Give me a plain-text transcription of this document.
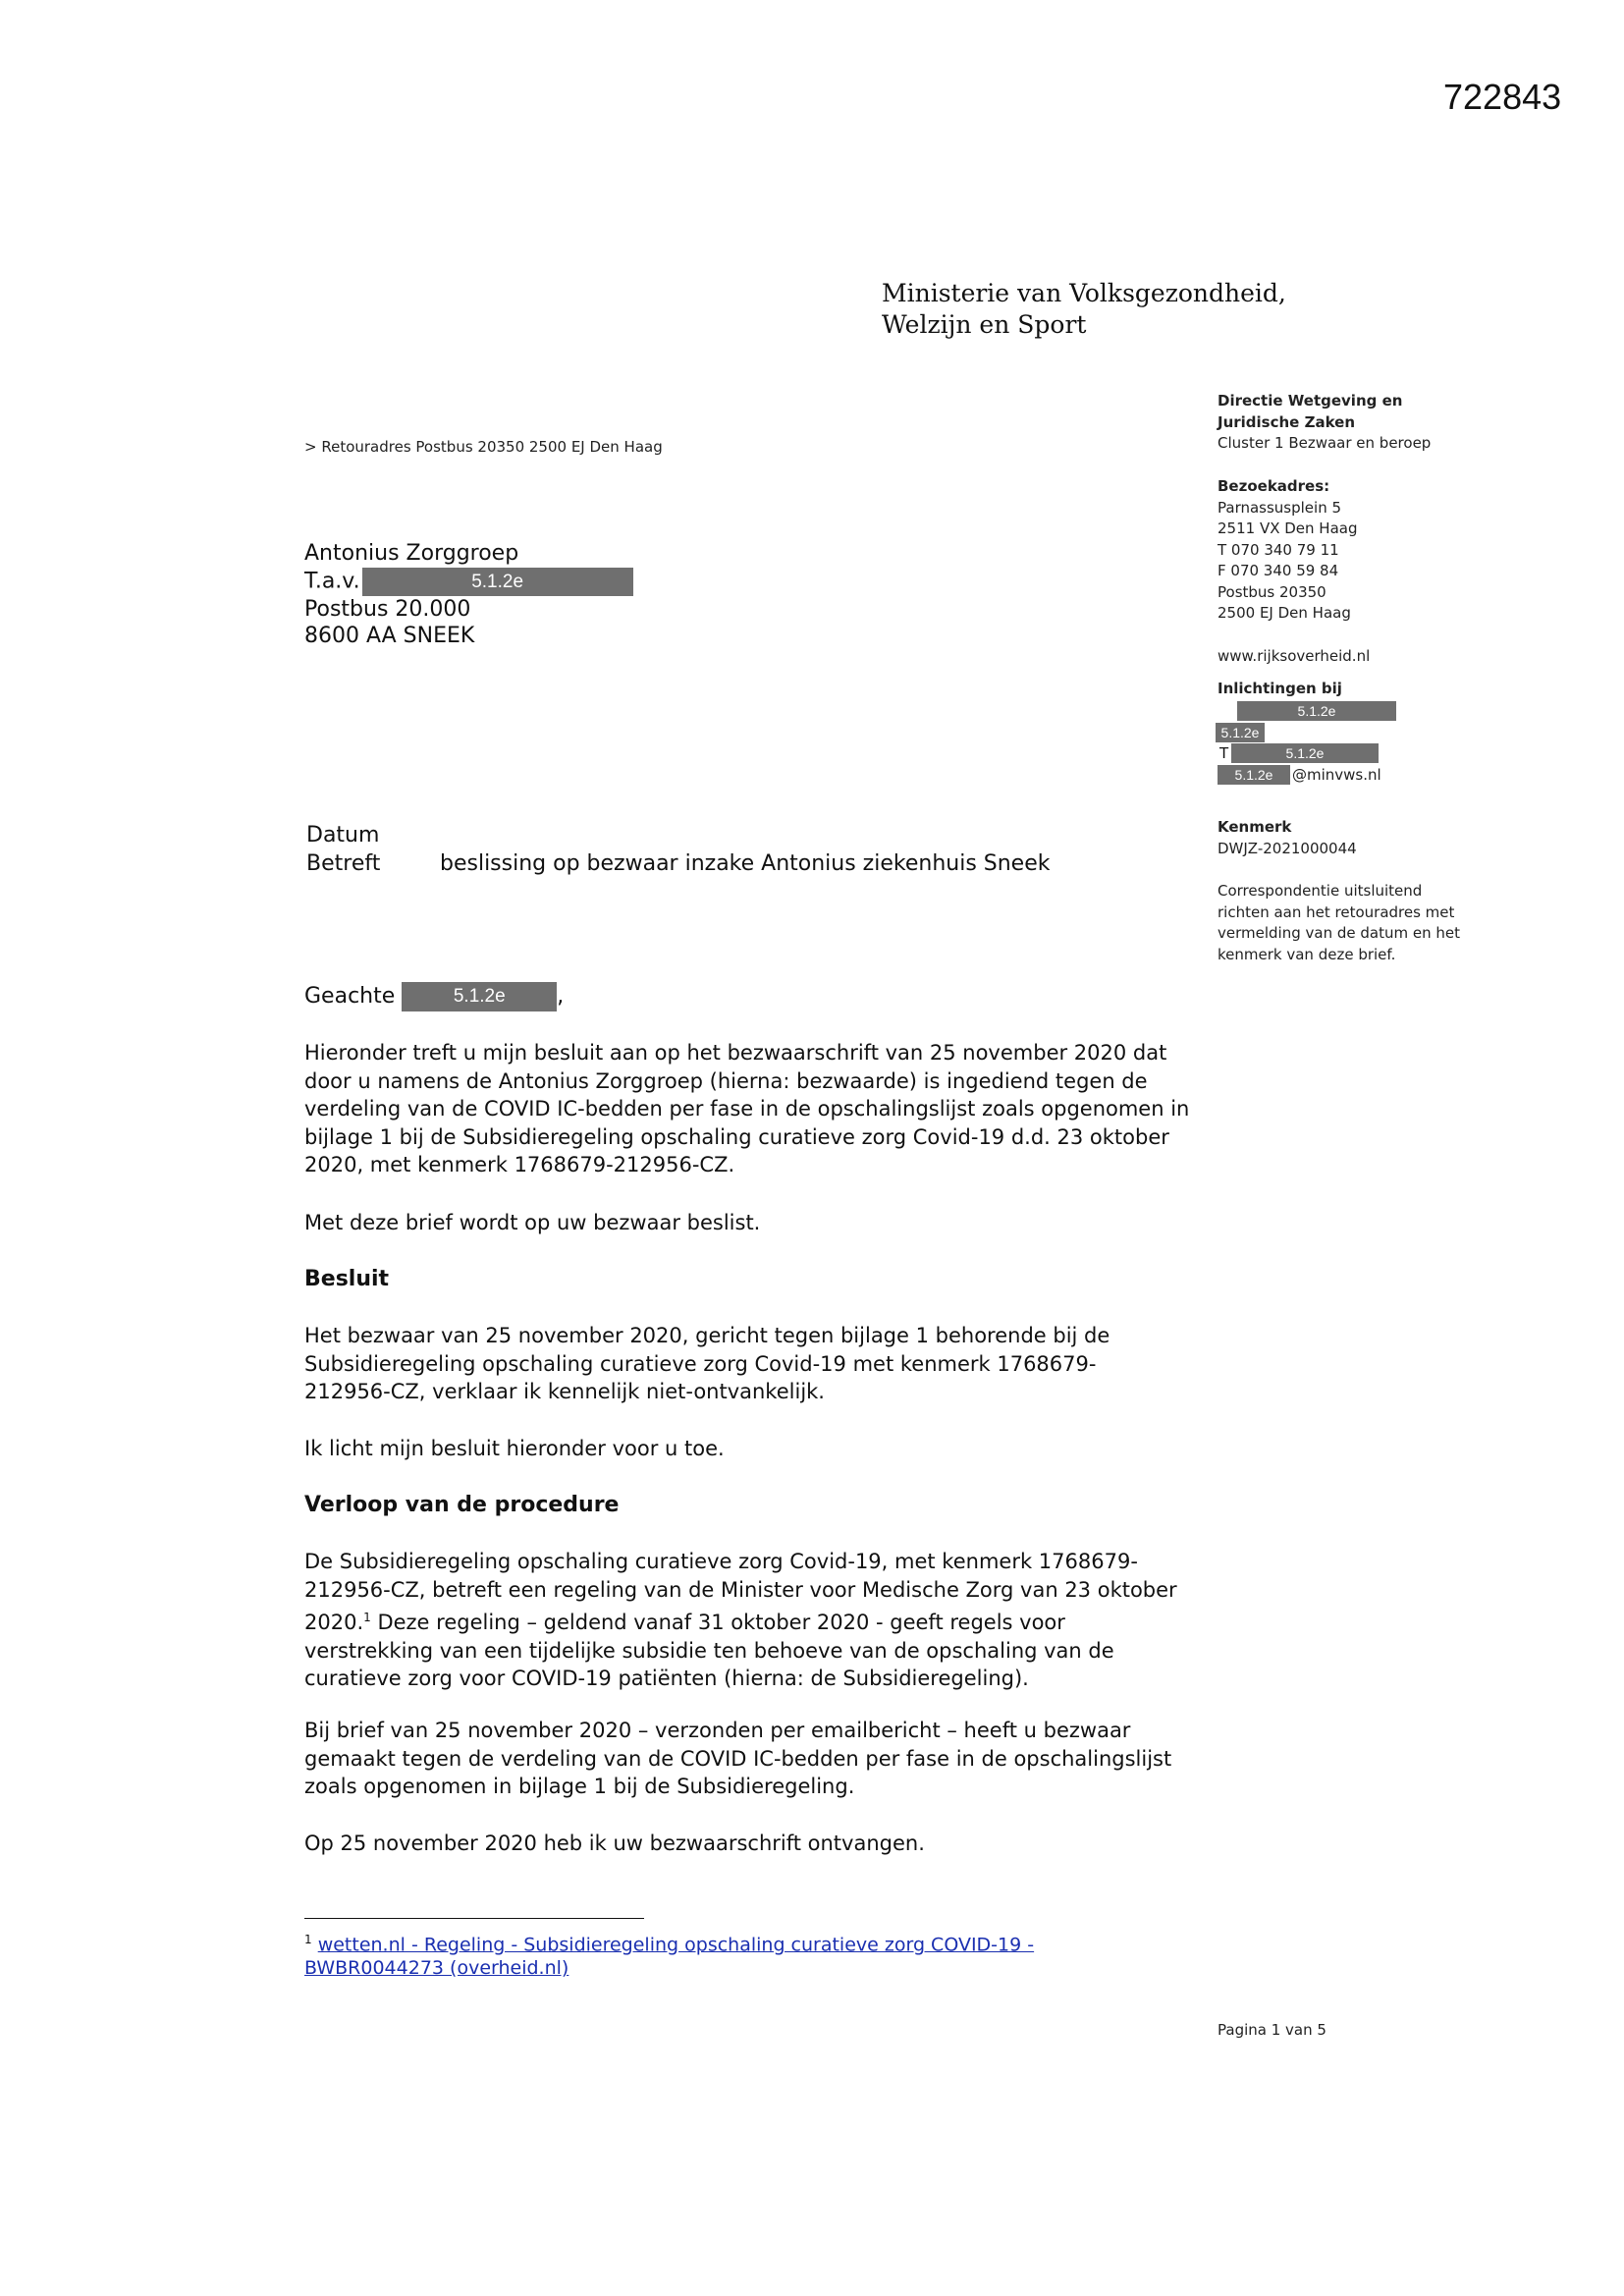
722843
Ministerie van Volksgezondheid,
Welzijn en Sport
> Retouradres Postbus 20350 2500 EJ Den Haag
Directie Wetgeving en
Juridische Zaken
Cluster 1 Bezwaar en beroep
Bezoekadres:
Parnassusplein 5
2511 VX Den Haag
T 070 340 79 11
F 070 340 59 84
Postbus 20350
2500 EJ Den Haag
www.rijksoverheid.nl
Inlichtingen bij
5.1.2e
5.1.2e
T	5.1.2e
5.1.2e	@minvws.nl
Kenmerk
DWJZ-2021000044
Correspondentie uitsluitend richten aan het retouradres met vermelding van de datum en het kenmerk van deze brief.
Antonius Zorggroep
T.a.v.	5.1.2e
Postbus 20.000
8600 AA SNEEK
Datum
Betreft	beslissing op bezwaar inzake Antonius ziekenhuis Sneek
Geachte	5.1.2e ,
Hieronder treft u mijn besluit aan op het bezwaarschrift van 25 november 2020 dat door u namens de Antonius Zorggroep (hierna: bezwaarde) is ingediend tegen de verdeling van de COVID IC-bedden per fase in de opschalingslijst zoals opgenomen in bijlage 1 bij de Subsidieregeling opschaling curatieve zorg Covid-19 d.d. 23 oktober 2020, met kenmerk 1768679-212956-CZ.
Met deze brief wordt op uw bezwaar beslist.
Besluit
Het bezwaar van 25 november 2020, gericht tegen bijlage 1 behorende bij de Subsidieregeling opschaling curatieve zorg Covid-19 met kenmerk 1768679-212956-CZ, verklaar ik kennelijk niet-ontvankelijk.
Ik licht mijn besluit hieronder voor u toe.
Verloop van de procedure
De Subsidieregeling opschaling curatieve zorg Covid-19, met kenmerk 1768679-212956-CZ, betreft een regeling van de Minister voor Medische Zorg van 23 oktober 2020.$^1$ Deze regeling – geldend vanaf 31 oktober 2020 - geeft regels voor verstrekking van een tijdelijke subsidie ten behoeve van de opschaling van de curatieve zorg voor COVID-19 patiënten (hierna: de Subsidieregeling).
Bij brief van 25 november 2020 – verzonden per emailbericht – heeft u bezwaar gemaakt tegen de verdeling van de COVID IC-bedden per fase in de opschalingslijst zoals opgenomen in bijlage 1 bij de Subsidieregeling.
Op 25 november 2020 heb ik uw bezwaarschrift ontvangen.
$^1$ wetten.nl - Regeling - Subsidieregeling opschaling curatieve zorg COVID-19 -
BWBR0044273 (overheid.nl)
Pagina 1 van 5
